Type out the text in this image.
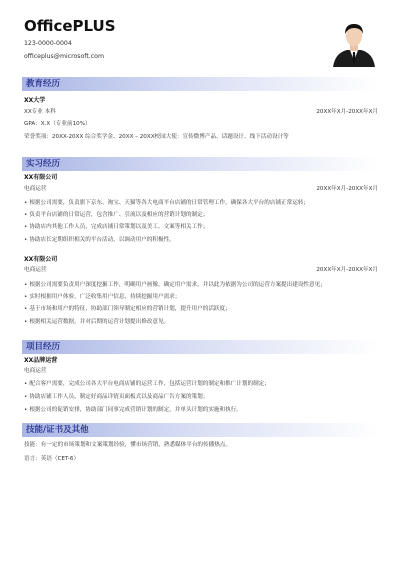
OfficePLUS
123-0000-0004
officeplus@microsoft.com
教育经历
XX大学
XX专业 本科	20XX年X月-20XX年X月
GPA：X.X（专业前10%）
荣誉奖项：20XX-20XX 综合奖学金、20XX – 20XX校园大使：宣传微博产品、话题设计、线下活动设计等
实习经历
XX有限公司
电商运营	20XX年X月-20XX年X月
• 根据公司需要，负责旗下京东、淘宝、天猫等各大电商平台店铺的日常管理工作，确保各大平台的店铺正常运转；
• 负责平台店铺的日常运营，包含推广、引流以及相应的营销计划的制定；
• 协助店内其他工作人员，完成店铺日常策划以及美工、文案等相关工作；
• 协助店长定期组织相关的平台活动，以调动用户的积极性。
XX有限公司
电商运营	20XX年X月-20XX年X月
• 根据公司需要负责用户深度挖掘工作，明确用户画像，确定用户需求，并以此为依据为公司的运营方案提出建设性意见；
• 实时根据用户体验，广泛收集用户信息，持续挖掘用户需求；
• 基于市场和用户的特征，协助部门领导制定相应的营销计划，提升用户的活跃度；
• 根据相关运营数据，并对后期的运营计划提出修改意见。
项目经历
XX品牌运营
电商运营
• 配合客户需要，完成公司各大平台电商店铺的运营工作，包括运营计划的制定和推广计划的制定；
• 协助店铺工作人员，制定好商品详情页面板式以及商品广告方案的策划；
• 根据公司的促销安排，协助部门同事完成营销计划的制定，并单头计划的实施和执行。
技能/证书及其他
技能：有一定的市场策划和文案策划经验，懂市场营销，熟悉媒体平台的传播热点。
语言：英语（CET-6）
